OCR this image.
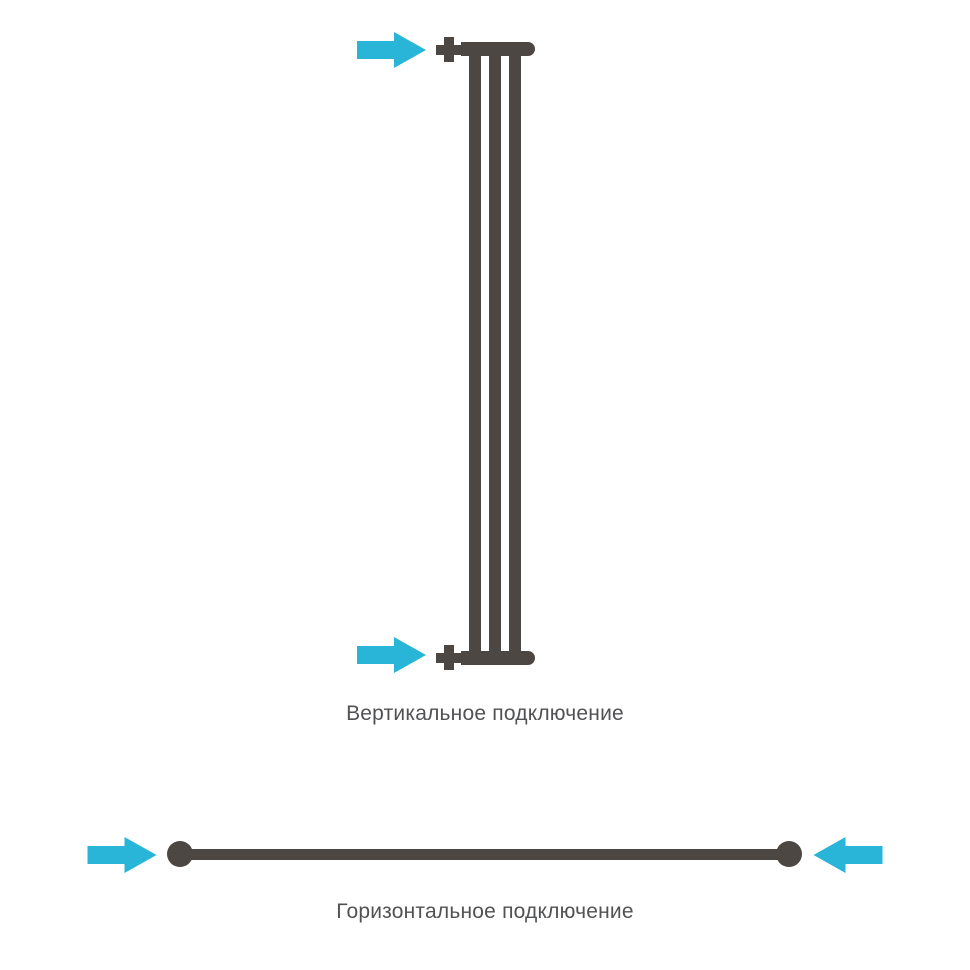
Вертикальное подключение
Горизонтальное подключение
